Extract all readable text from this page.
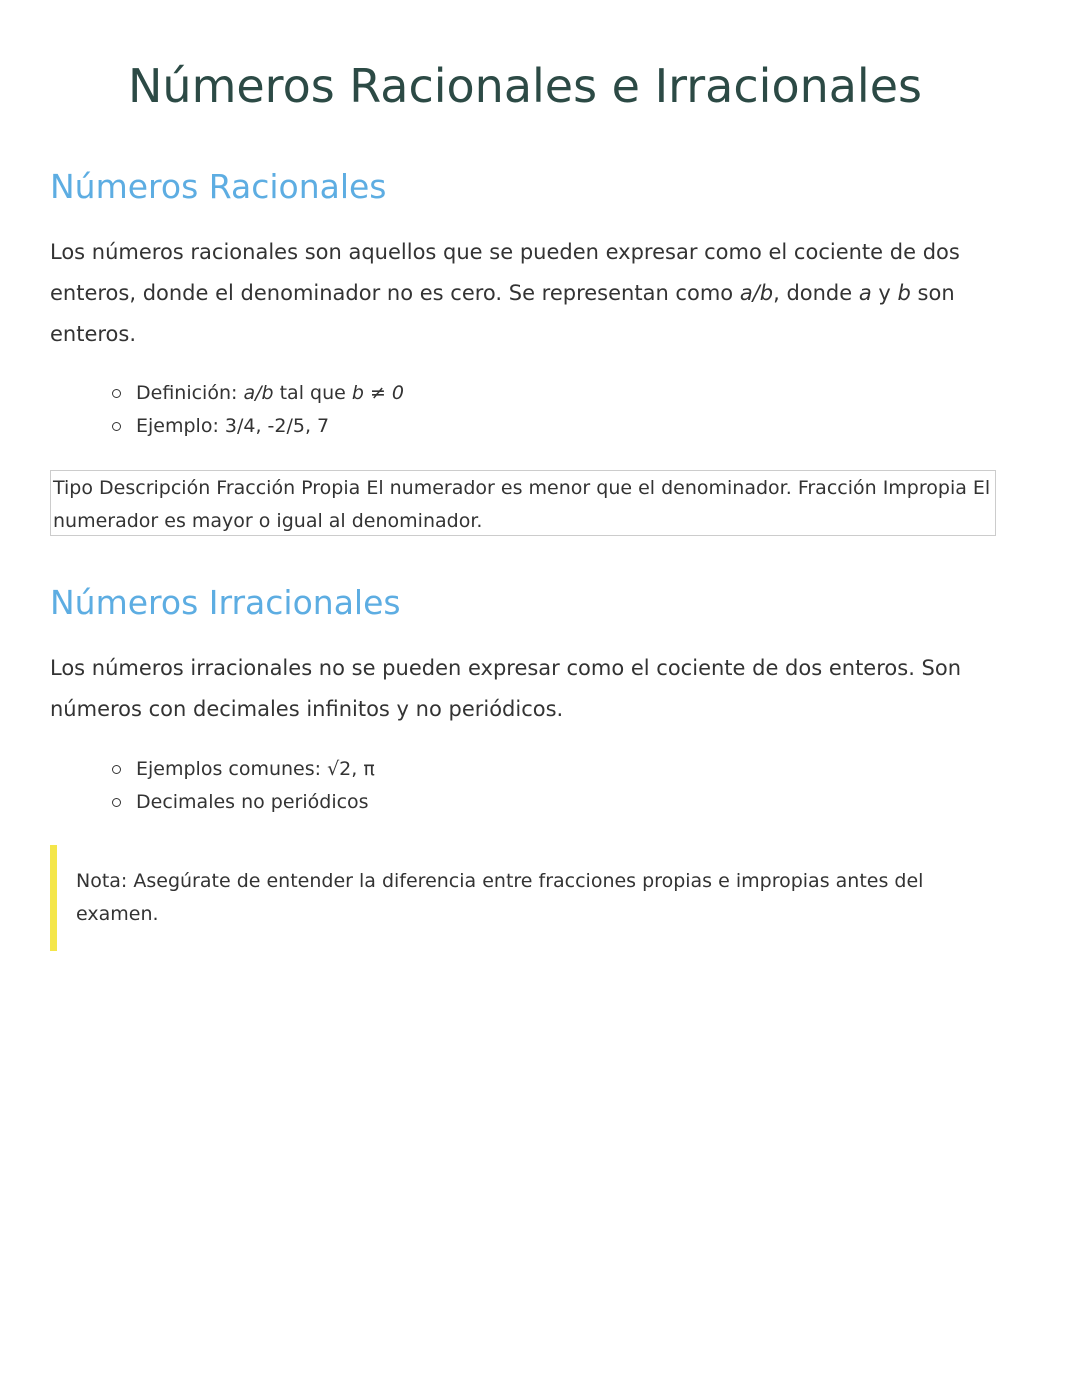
Números Racionales e Irracionales
Números Racionales

Los números racionales son aquellos que se pueden expresar como el cociente de dos enteros, donde el denominador no es cero. Se representan como a/b, donde a y b son enteros.

Definición: a/b tal que b ≠ 0
Ejemplo: 3/4, -2/5, 7
Tipo Descripción Fracción Propia El numerador es menor que el denominador. Fracción Impropia El numerador es mayor o igual al denominador.
Números Irracionales

Los números irracionales no se pueden expresar como el cociente de dos enteros. Son números con decimales infinitos y no periódicos.

Ejemplos comunes: √2, π
Decimales no periódicos
Nota: Asegúrate de entender la diferencia entre fracciones propias e impropias antes del examen.
